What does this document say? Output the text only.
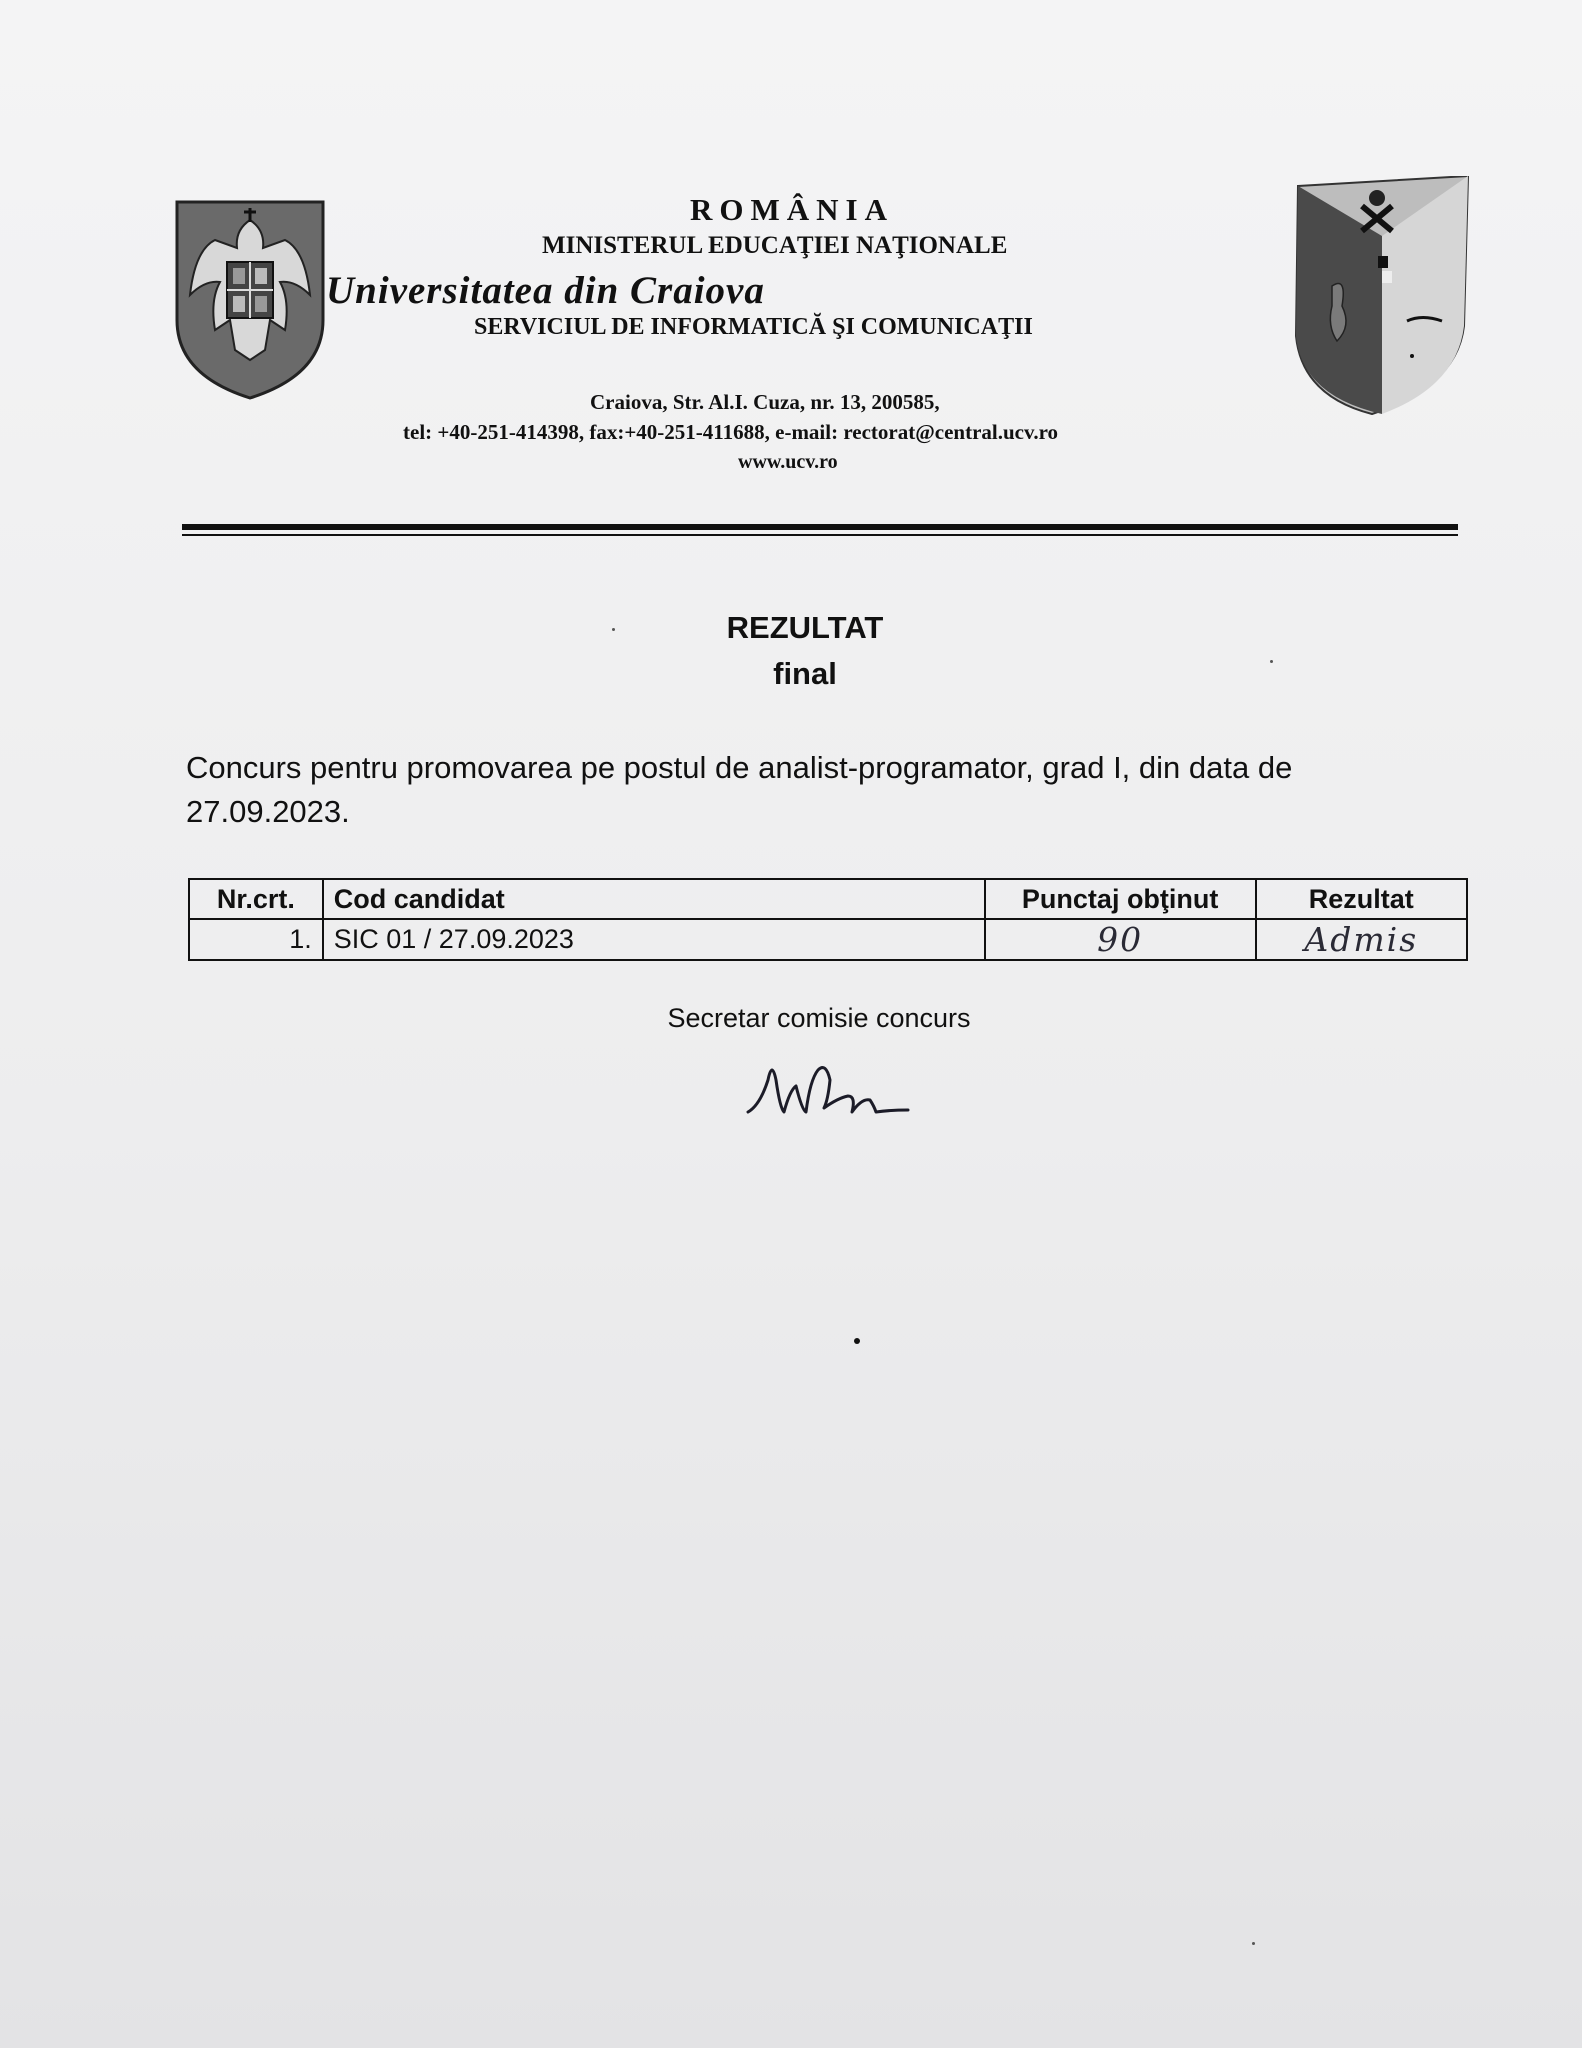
ROMÂNIA
MINISTERUL EDUCAŢIEI NAŢIONALE
Universitatea din Craiova
SERVICIUL DE INFORMATICĂ ŞI COMUNICAŢII
Craiova, Str. Al.I. Cuza, nr. 13, 200585,
tel: +40-251-414398, fax:+40-251-411688, e-mail: rectorat@central.ucv.ro
www.ucv.ro
REZULTAT
final
Concurs pentru promovarea pe postul de analist-programator, grad I, din data de 27.09.2023.
Nr.crt.	Cod candidat	Punctaj obţinut	Rezultat
1.	SIC 01 / 27.09.2023	90	Admis
Secretar comisie concurs
